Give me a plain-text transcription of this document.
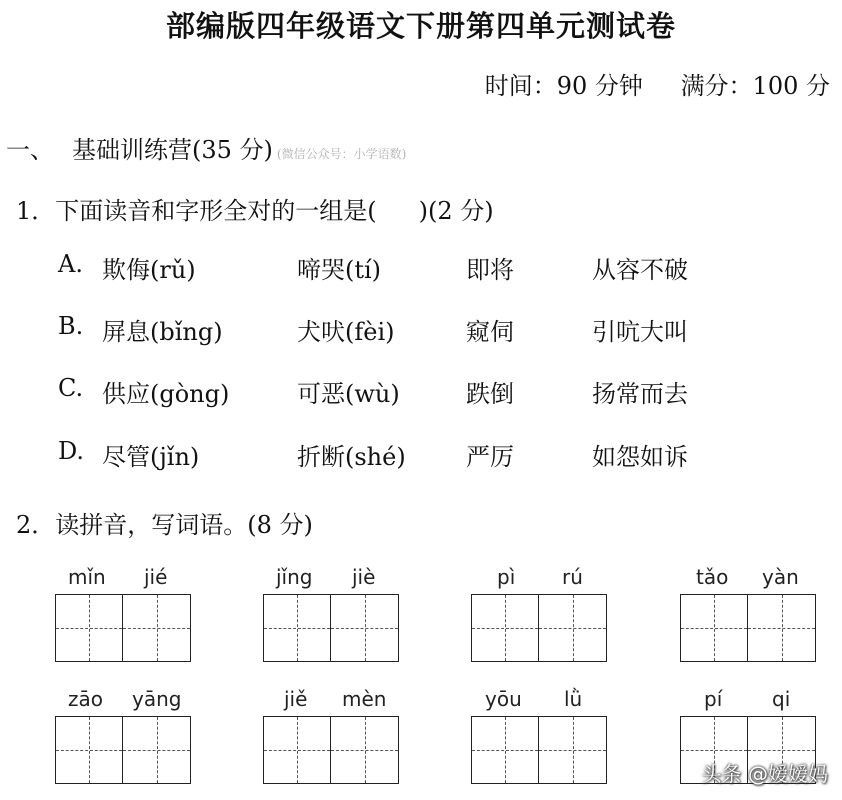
部编版四年级语文下册第四单元测试卷
时间：90 分钟 满分：100 分
一、 基础训练营(35 分) (微信公众号：小学语数)
1．下面读音和字形全对的一组是( )(2 分)
A. 欺侮(rǔ)	啼哭(tí)	即将	从容不破
B. 屏息(bǐng)	犬吠(fèi)	窥伺	引吭大叫
C. 供应(gòng)	可恶(wù)	跌倒	扬常而去
D. 尽管(jǐn)	折断(shé)	严厉	如怨如诉
2．读拼音，写词语。(8 分)
mǐn jié	jǐng jiè	pì rú	tǎo yàn
zāo yāng	jiě mèn	yōu lǜ	pí qi
头条 @嫒嫒妈
